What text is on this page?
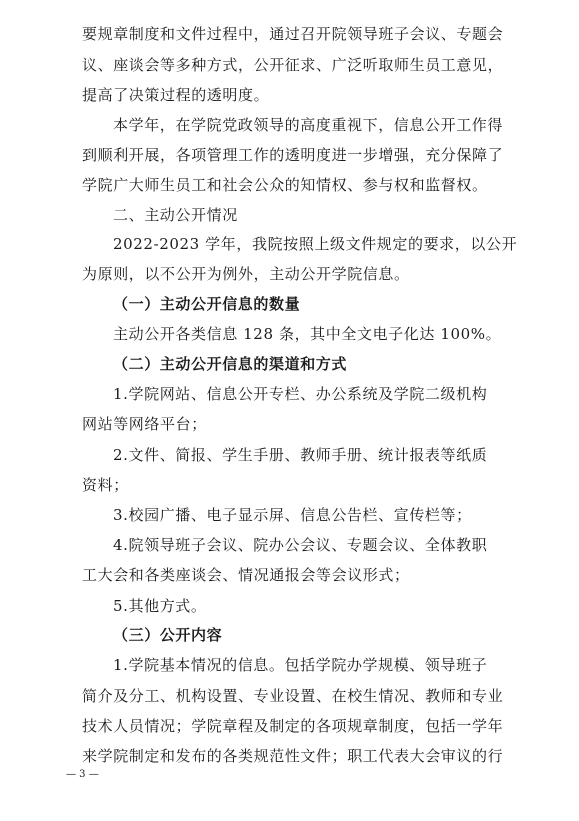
要规章制度和文件过程中，通过召开院领导班子会议、专题会
议、座谈会等多种方式，公开征求、广泛听取师生员工意见，
提高了决策过程的透明度。
本学年，在学院党政领导的高度重视下，信息公开工作得
到顺利开展，各项管理工作的透明度进一步增强，充分保障了
学院广大师生员工和社会公众的知情权、参与权和监督权。
二、主动公开情况
2022-2023 学年，我院按照上级文件规定的要求，以公开
为原则，以不公开为例外，主动公开学院信息。
（一）主动公开信息的数量
主动公开各类信息 128 条，其中全文电子化达 100%。
（二）主动公开信息的渠道和方式
1.学院网站、信息公开专栏、办公系统及学院二级机构
网站等网络平台；
2.文件、简报、学生手册、教师手册、统计报表等纸质
资料；
3.校园广播、电子显示屏、信息公告栏、宣传栏等；
4.院领导班子会议、院办公会议、专题会议、全体教职
工大会和各类座谈会、情况通报会等会议形式；
5.其他方式。
（三）公开内容
1.学院基本情况的信息。包括学院办学规模、领导班子
简介及分工、机构设置、专业设置、在校生情况、教师和专业
技术人员情况；学院章程及制定的各项规章制度，包括一学年
来学院制定和发布的各类规范性文件；职工代表大会审议的行
— 3 —
